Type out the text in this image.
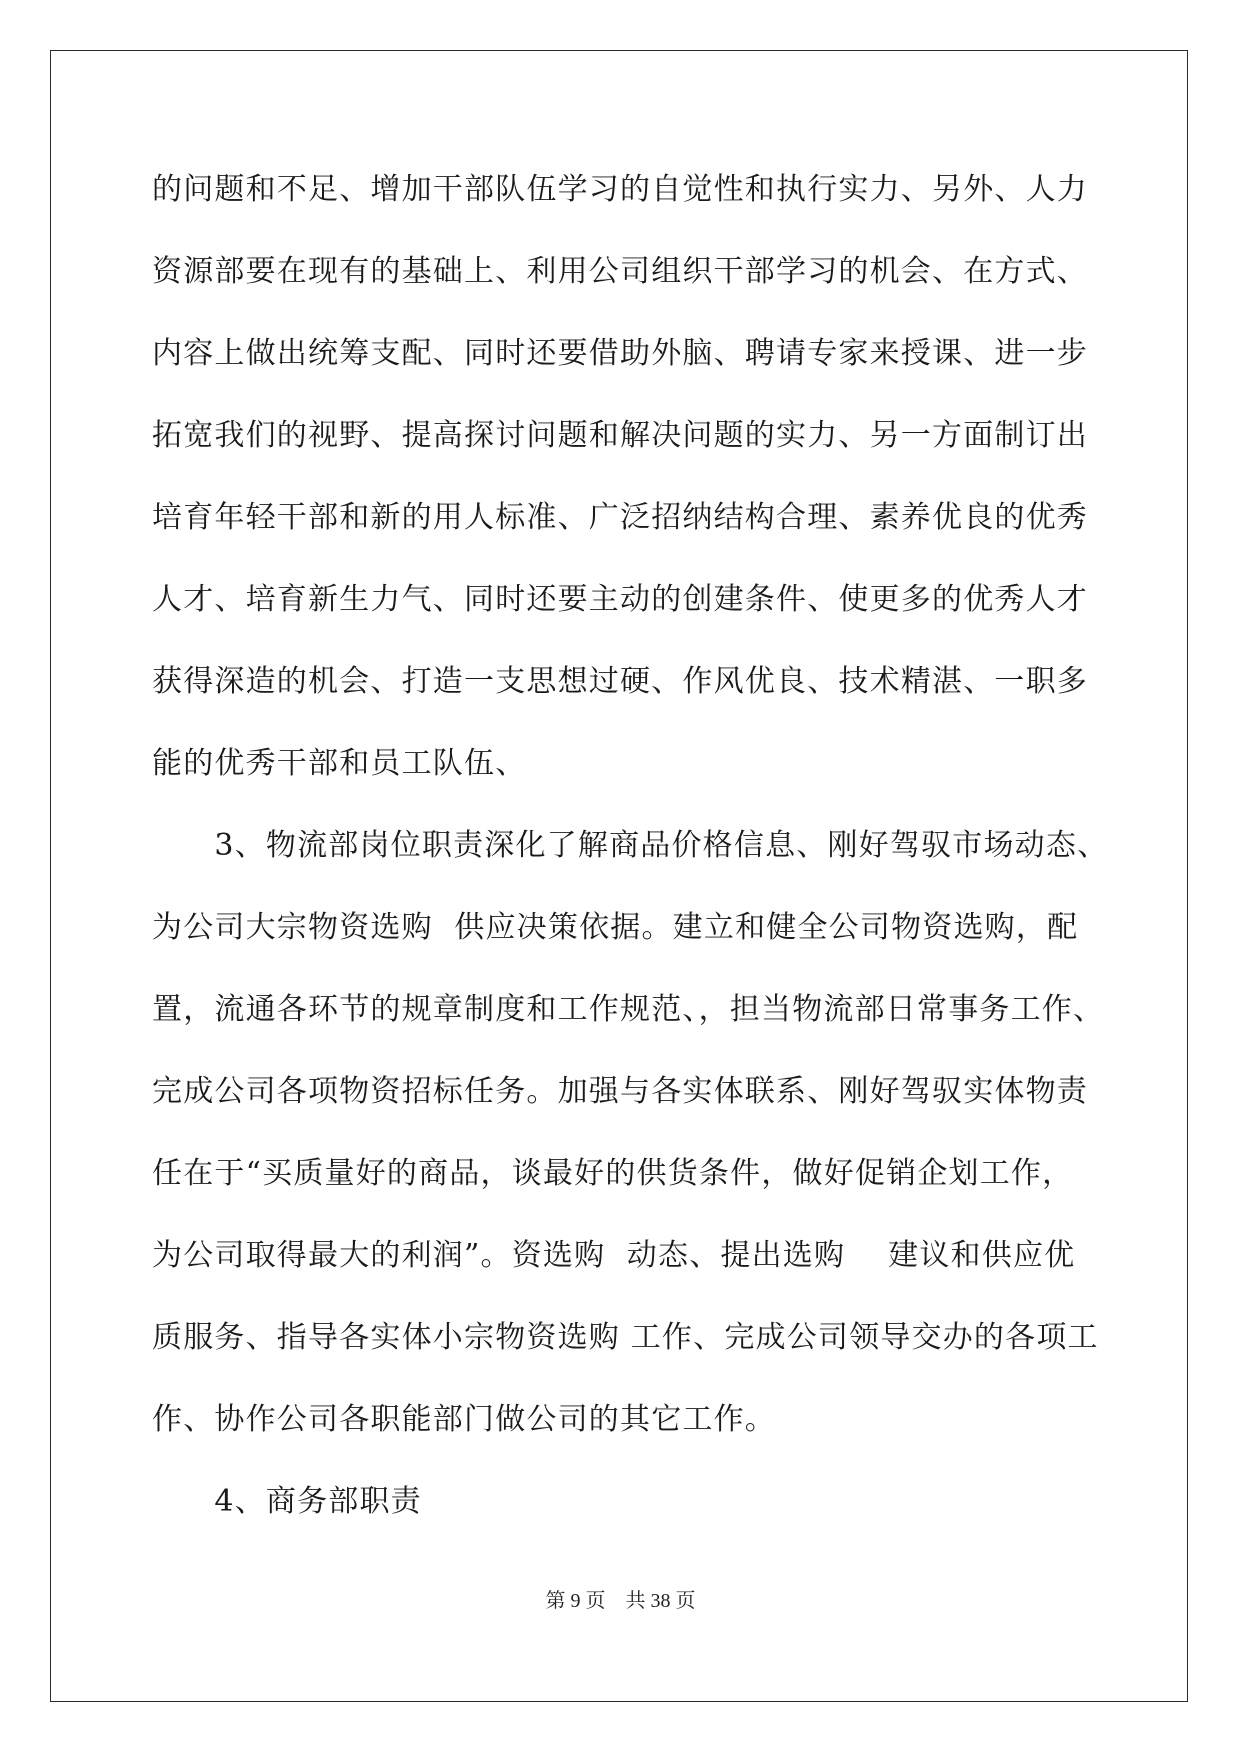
的问题和不足、增加干部队伍学习的自觉性和执行实力、另外、人力
资源部要在现有的基础上、利用公司组织干部学习的机会、在方式、
内容上做出统筹支配、同时还要借助外脑、聘请专家来授课、进一步
拓宽我们的视野、提高探讨问题和解决问题的实力、另一方面制订出
培育年轻干部和新的用人标准、广泛招纳结构合理、素养优良的优秀
人才、培育新生力气、同时还要主动的创建条件、使更多的优秀人才
获得深造的机会、打造一支思想过硬、作风优良、技术精湛、一职多
能的优秀干部和员工队伍、
　　3、物流部岗位职责深化了解商品价格信息、刚好驾驭市场动态、
为公司大宗物资选购  供应决策依据。建立和健全公司物资选购，配
置，流通各环节的规章制度和工作规范、，担当物流部日常事务工作、
完成公司各项物资招标任务。加强与各实体联系、刚好驾驭实体物责
任在于“买质量好的商品，谈最好的供货条件，做好促销企划工作，
为公司取得最大的利润”。资选购  动态、提出选购    建议和供应优
质服务、指导各实体小宗物资选购 工作、完成公司领导交办的各项工
作、协作公司各职能部门做公司的其它工作。
　　4、商务部职责
第 9 页    共 38 页
